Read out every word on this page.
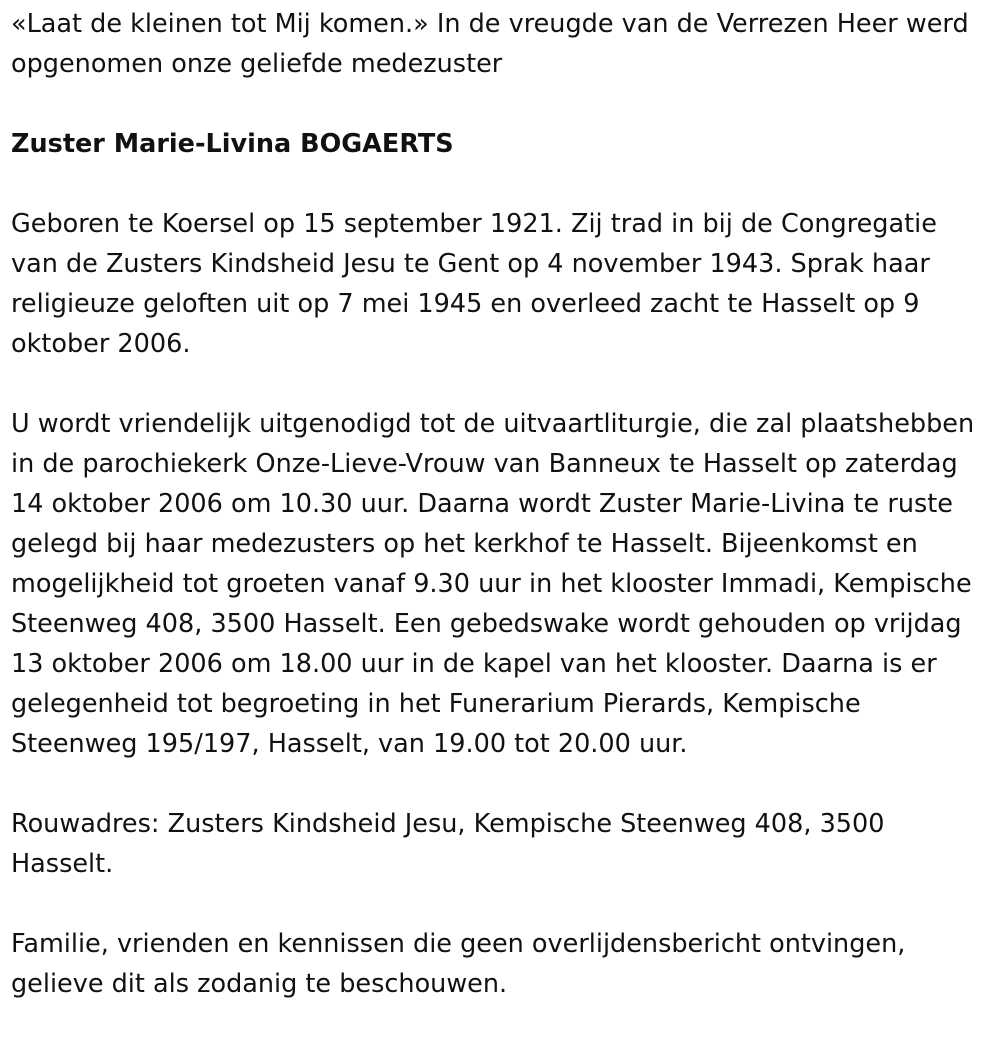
«Laat de kleinen tot Mij komen.» In de vreugde van de Verrezen Heer werd opgenomen onze geliefde medezuster

Zuster Marie-Livina BOGAERTS

Geboren te Koersel op 15 september 1921. Zij trad in bij de Congregatie van de Zusters Kindsheid Jesu te Gent op 4 november 1943. Sprak haar religieuze geloften uit op 7 mei 1945 en overleed zacht te Hasselt op 9 oktober 2006.

U wordt vriendelijk uitgenodigd tot de uitvaartliturgie, die zal plaatshebben in de parochiekerk Onze-Lieve-Vrouw van Banneux te Hasselt op zaterdag 14 oktober 2006 om 10.30 uur. Daarna wordt Zuster Marie-Livina te ruste gelegd bij haar medezusters op het kerkhof te Hasselt. Bijeenkomst en mogelijkheid tot groeten vanaf 9.30 uur in het klooster Immadi, Kempische Steenweg 408, 3500 Hasselt. Een gebedswake wordt gehouden op vrijdag 13 oktober 2006 om 18.00 uur in de kapel van het klooster. Daarna is er gelegenheid tot begroeting in het Funerarium Pierards, Kempische Steenweg 195/197, Hasselt, van 19.00 tot 20.00 uur.

Rouwadres: Zusters Kindsheid Jesu, Kempische Steenweg 408, 3500 Hasselt.

Familie, vrienden en kennissen die geen overlijdensbericht ontvingen, gelieve dit als zodanig te beschouwen.
